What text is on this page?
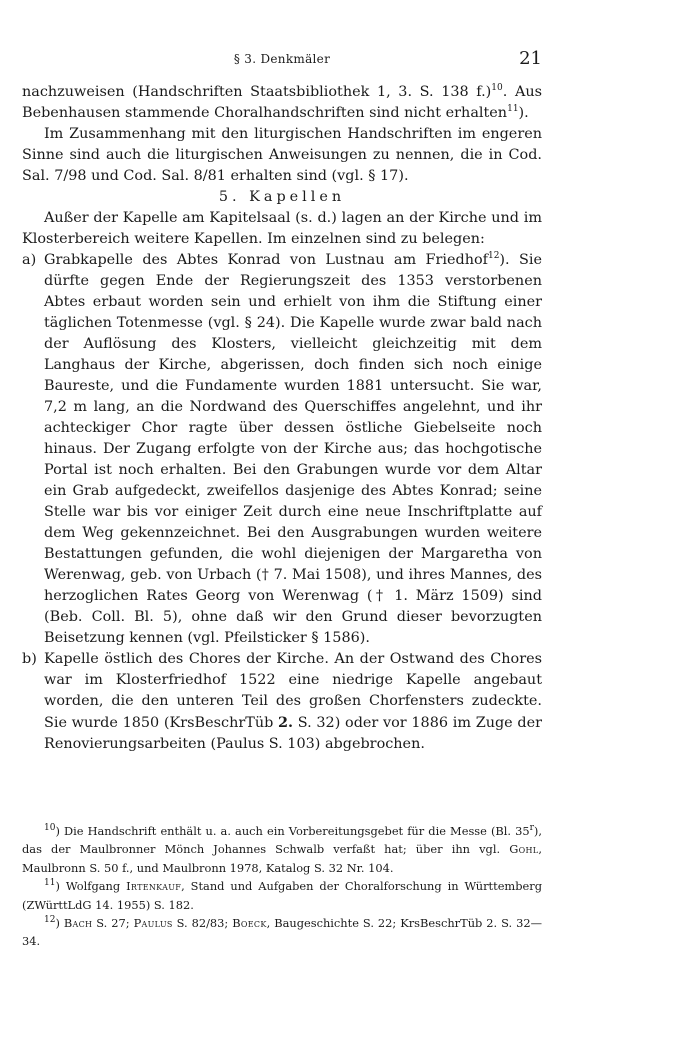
§ 3. Denkmäler	21

nachzuweisen (Handschriften Staatsbibliothek 1, 3. S. 138 f.)$^{10}$. Aus Bebenhausen stammende Choralhandschriften sind nicht erhalten$^{11}$).

Im Zusammenhang mit den liturgischen Handschriften im engeren Sinne sind auch die liturgischen Anweisungen zu nennen, die in Cod. Sal. 7/98 und Cod. Sal. 8/81 erhalten sind (vgl. § 17).

5. Kapellen

Außer der Kapelle am Kapitelsaal (s. d.) lagen an der Kirche und im Klosterbereich weitere Kapellen. Im einzelnen sind zu belegen:

a) Grabkapelle des Abtes Konrad von Lustnau am Friedhof$^{12}$). Sie dürfte gegen Ende der Regierungszeit des 1353 verstorbenen Abtes erbaut worden sein und erhielt von ihm die Stiftung einer täglichen Totenmesse (vgl. § 24). Die Kapelle wurde zwar bald nach der Auflösung des Klosters, vielleicht gleichzeitig mit dem Langhaus der Kirche, abgerissen, doch finden sich noch einige Baureste, und die Fundamente wurden 1881 untersucht. Sie war, 7,2 m lang, an die Nordwand des Querschiffes angelehnt, und ihr achteckiger Chor ragte über dessen östliche Giebelseite noch hinaus. Der Zugang erfolgte von der Kirche aus; das hochgotische Portal ist noch erhalten. Bei den Grabungen wurde vor dem Altar ein Grab aufgedeckt, zweifellos dasjenige des Abtes Konrad; seine Stelle war bis vor einiger Zeit durch eine neue Inschriftplatte auf dem Weg gekennzeichnet. Bei den Ausgrabungen wurden weitere Bestattungen gefunden, die wohl diejenigen der Margaretha von Werenwag, geb. von Urbach († 7. Mai 1508), und ihres Mannes, des herzoglichen Rates Georg von Werenwag († 1. März 1509) sind (Beb. Coll. Bl. 5), ohne daß wir den Grund dieser bevorzugten Beisetzung kennen (vgl. Pfeilsticker § 1586).

b) Kapelle östlich des Chores der Kirche. An der Ostwand des Chores war im Klosterfriedhof 1522 eine niedrige Kapelle angebaut worden, die den unteren Teil des großen Chorfensters zudeckte. Sie wurde 1850 (KrsBeschrTüb 2. S. 32) oder vor 1886 im Zuge der Renovierungsarbeiten (Paulus S. 103) abgebrochen.

$^{10}$) Die Handschrift enthält u. a. auch ein Vorbereitungsgebet für die Messe (Bl. 35$^r$), das der Maulbronner Mönch Johannes Schwalb verfaßt hat; über ihn vgl. Gohl, Maulbronn S. 50 f., und Maulbronn 1978, Katalog S. 32 Nr. 104.

$^{11}$) Wolfgang Irtenkauf, Stand und Aufgaben der Choralforschung in Württemberg (ZWürttLdG 14. 1955) S. 182.

$^{12}$) Bach S. 27; Paulus S. 82/83; Boeck, Baugeschichte S. 22; KrsBeschrTüb 2. S. 32—34.
